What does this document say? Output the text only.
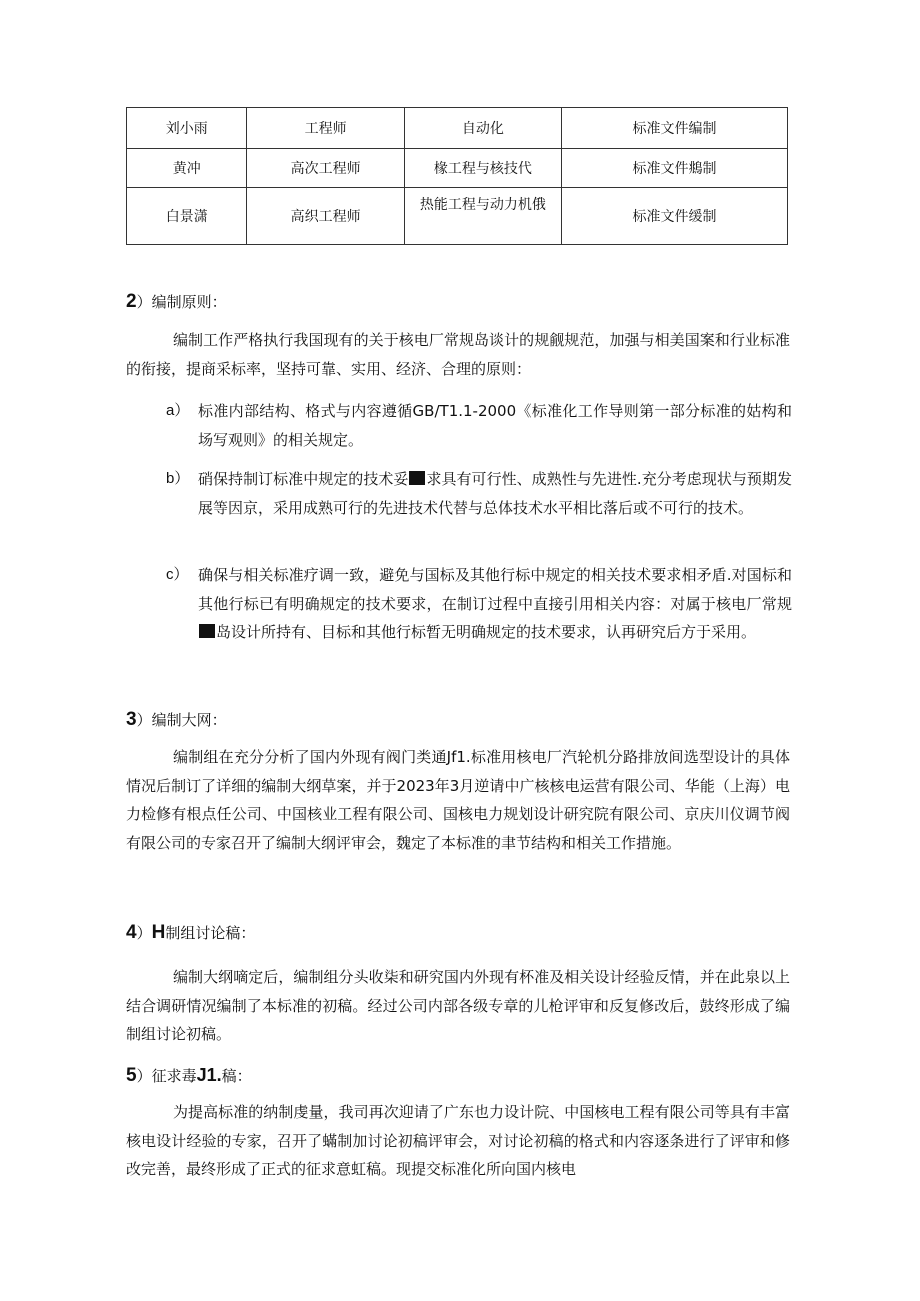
刘小雨	工程师	自动化	标准文件编制
黄冲	高次工程师	椽工程与核技代	标准文件鴵制
白景潇	高织工程师	热能工程与动力机俄	标准文件缓制
2）编制原则：
编制工作严格执行我国现有的关于核电厂常规岛谈计的规觎规范，加强与相美国案和行业标准的衔接，提商采标率，坚持可靠、实用、经济、合理的原则：
a） 标准内部结构、格式与内容遵循GB/T1.1-2000《标准化工作导则第一部分标准的姑构和场写观则》的相关规定。
b） 硝保持制订标准中规定的技术妥 求具有可行性、成熟性与先进性.充分考虑现状与预期发展等因京，采用成熟可行的先进技术代替与总体技术水平相比落后或不可行的技术。
c） 确保与相关标准疗调一致，避免与国标及其他行标中规定的相关技术要求相矛盾.对国标和其他行标已有明确规定的技术要求，在制订过程中直接引用相关内容：对属于核电厂常规岛设计所持有、目标和其他行标暂无明确规定的技术要求，认再研究后方于采用。
3）编制大网：
编制组在充分分析了国内外现有阀门类通Jf1.标准用核电厂汽轮机分路排放间选型设计的具体情况后制订了详细的编制大纲草案，并于2023年3月逆请中广核核电运营有限公司、华能（上海）电力检修有根点任公司、中国核业工程有限公司、国核电力规划设计研究院有限公司、京庆川仪调节阀有限公司的专家召开了编制大纲评审会，魏定了本标准的聿节结构和相关工作措施。
4）H制组讨论稿：
编制大纲嘀定后，编制组分头收柒和研究国内外现有杯准及相关设计经验反情，并在此泉以上结合调研情况编制了本标准的初稿。经过公司内部各级专章的儿枪评审和反复修改后，鼓终形成了编制组讨论初稿。
5）征求毒J1.稿：
为提高标准的纳制虔量，我司再次迎请了广东也力设计院、中国核电工程有限公司等具有丰富核电设计经验的专家，召开了蟎制加讨论初稿评审会，对讨论初稿的格式和内容逐条进行了评审和修改完善，最终形成了正式的征求意虹稿。现提交标准化所向国内核电
